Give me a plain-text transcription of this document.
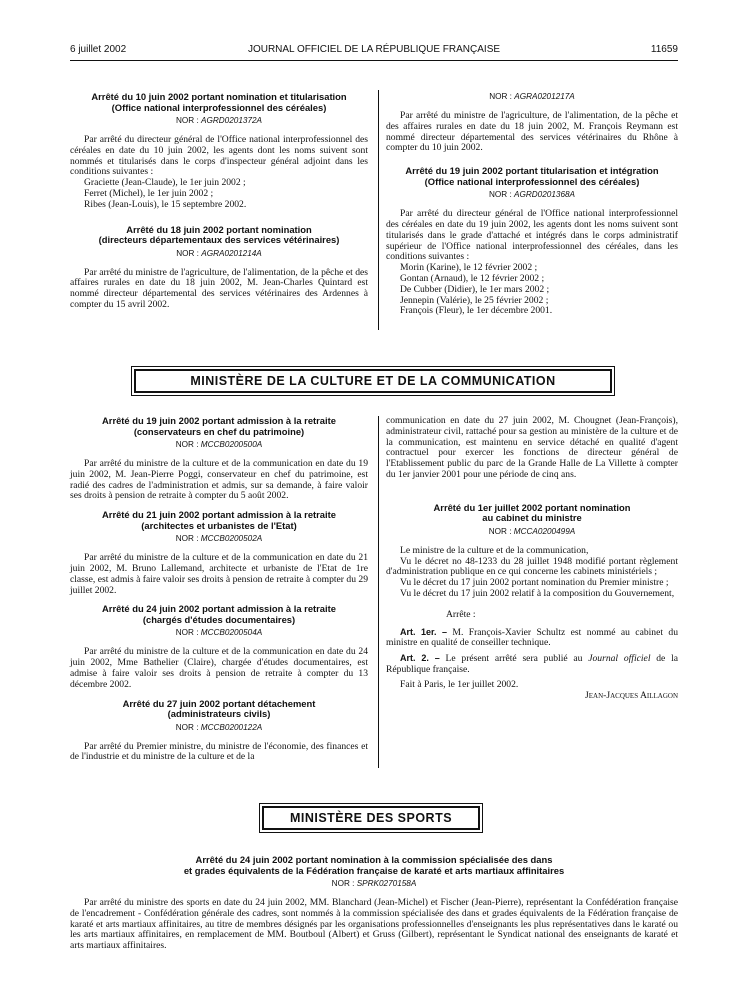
6 juillet 2002	JOURNAL OFFICIEL DE LA RÉPUBLIQUE FRANÇAISE	11659
Arrêté du 10 juin 2002 portant nomination et titularisation
(Office national interprofessionnel des céréales)
NOR : AGRD0201372A

Par arrêté du directeur général de l'Office national interprofessionnel des céréales en date du 10 juin 2002, les agents dont les noms suivent sont nommés et titularisés dans le corps d'inspecteur général adjoint dans les conditions suivantes :

Graciette (Jean-Claude), le 1er juin 2002 ;

Ferret (Michel), le 1er juin 2002 ;

Ribes (Jean-Louis), le 15 septembre 2002.

Arrêté du 18 juin 2002 portant nomination
(directeurs départementaux des services vétérinaires)
NOR : AGRA0201214A

Par arrêté du ministre de l'agriculture, de l'alimentation, de la pêche et des affaires rurales en date du 18 juin 2002, M. Jean-Charles Quintard est nommé directeur départemental des services vétérinaires des Ardennes à compter du 15 avril 2002.

NOR : AGRA0201217A

Par arrêté du ministre de l'agriculture, de l'alimentation, de la pêche et des affaires rurales en date du 18 juin 2002, M. François Reymann est nommé directeur départemental des services vétérinaires du Rhône à compter du 10 juin 2002.

Arrêté du 19 juin 2002 portant titularisation et intégration
(Office national interprofessionnel des céréales)
NOR : AGRD0201368A

Par arrêté du directeur général de l'Office national interprofessionnel des céréales en date du 19 juin 2002, les agents dont les noms suivent sont titularisés dans le grade d'attaché et intégrés dans le corps administratif supérieur de l'Office national interprofessionnel des céréales, dans les conditions suivantes :

Morin (Karine), le 12 février 2002 ;

Gontan (Arnaud), le 12 février 2002 ;

De Cubber (Didier), le 1er mars 2002 ;

Jennepin (Valérie), le 25 février 2002 ;

François (Fleur), le 1er décembre 2001.

MINISTÈRE DE LA CULTURE ET DE LA COMMUNICATION
Arrêté du 19 juin 2002 portant admission à la retraite
(conservateurs en chef du patrimoine)
NOR : MCCB0200500A

Par arrêté du ministre de la culture et de la communication en date du 19 juin 2002, M. Jean-Pierre Poggi, conservateur en chef du patrimoine, est radié des cadres de l'administration et admis, sur sa demande, à faire valoir ses droits à pension de retraite à compter du 5 août 2002.

Arrêté du 21 juin 2002 portant admission à la retraite
(architectes et urbanistes de l'Etat)
NOR : MCCB0200502A

Par arrêté du ministre de la culture et de la communication en date du 21 juin 2002, M. Bruno Lallemand, architecte et urbaniste de l'Etat de 1re classe, est admis à faire valoir ses droits à pension de retraite à compter du 29 juillet 2002.

Arrêté du 24 juin 2002 portant admission à la retraite
(chargés d'études documentaires)
NOR : MCCB0200504A

Par arrêté du ministre de la culture et de la communication en date du 24 juin 2002, Mme Bathelier (Claire), chargée d'études documentaires, est admise à faire valoir ses droits à pension de retraite à compter du 13 décembre 2002.

Arrêté du 27 juin 2002 portant détachement
(administrateurs civils)
NOR : MCCB0200122A

Par arrêté du Premier ministre, du ministre de l'économie, des finances et de l'industrie et du ministre de la culture et de la

communication en date du 27 juin 2002, M. Chougnet (Jean-François), administrateur civil, rattaché pour sa gestion au ministère de la culture et de la communication, est maintenu en service détaché en qualité d'agent contractuel pour exercer les fonctions de directeur général de l'Etablissement public du parc de la Grande Halle de La Villette à compter du 1er janvier 2001 pour une période de cinq ans.

Arrêté du 1er juillet 2002 portant nomination
au cabinet du ministre
NOR : MCCA0200499A

Le ministre de la culture et de la communication,

Vu le décret no 48-1233 du 28 juillet 1948 modifié portant règlement d'administration publique en ce qui concerne les cabinets ministériels ;

Vu le décret du 17 juin 2002 portant nomination du Premier ministre ;

Vu le décret du 17 juin 2002 relatif à la composition du Gouvernement,

Arrête :

Art. 1er. – M. François-Xavier Schultz est nommé au cabinet du ministre en qualité de conseiller technique.

Art. 2. – Le présent arrêté sera publié au Journal officiel de la République française.

Fait à Paris, le 1er juillet 2002.

Jean-Jacques Aillagon

MINISTÈRE DES SPORTS
Arrêté du 24 juin 2002 portant nomination à la commission spécialisée des dans
et grades équivalents de la Fédération française de karaté et arts martiaux affinitaires
NOR : SPRK0270158A

Par arrêté du ministre des sports en date du 24 juin 2002, MM. Blanchard (Jean-Michel) et Fischer (Jean-Pierre), représentant la Confédération française de l'encadrement - Confédération générale des cadres, sont nommés à la commission spécialisée des dans et grades équivalents de la Fédération française de karaté et arts martiaux affinitaires, au titre de membres désignés par les organisations professionnelles d'enseignants les plus représentatives dans le karaté ou les arts martiaux affinitaires, en remplacement de MM. Boutboul (Albert) et Gruss (Gilbert), représentant le Syndicat national des enseignants de karaté et arts martiaux affinitaires.
